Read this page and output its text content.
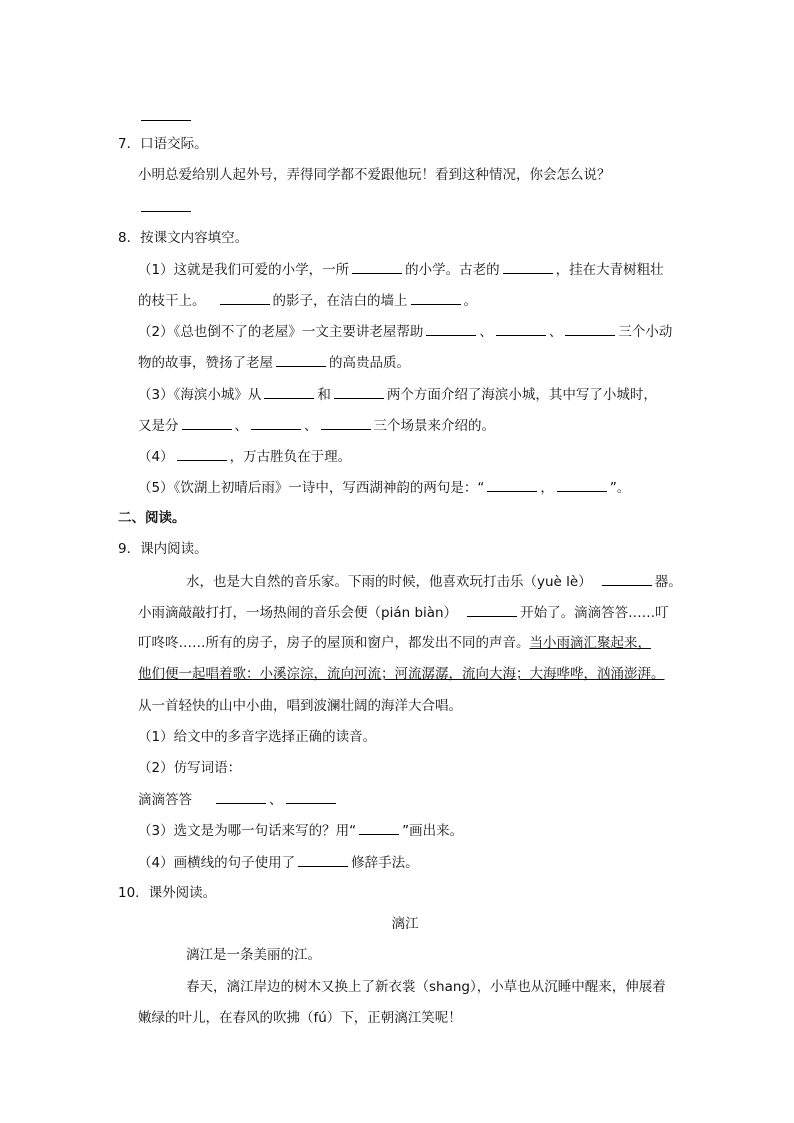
7．口语交际。
小明总爱给别人起外号，弄得同学都不爱跟他玩！看到这种情况，你会怎么说？
8．按课文内容填空。
（1）这就是我们可爱的小学，一所	的小学。古老的	，挂在大青树粗壮
的枝干上。	的影子，在洁白的墙上	。
（2）《总也倒不了的老屋》一文主要讲老屋帮助	、	、	三个小动
物的故事，赞扬了老屋	的高贵品质。
（3）《海滨小城》从	和	两个方面介绍了海滨小城，其中写了小城时，
又是分	、	、	三个场景来介绍的。
（4）	，万古胜负在于理。
（5）《饮湖上初晴后雨》一诗中，写西湖神韵的两句是：“	，	”。
二、阅读。
9．课内阅读。
水，也是大自然的音乐家。下雨的时候，他喜欢玩打击乐（yuè lè）	器。
小雨滴敲敲打打，一场热闹的音乐会便（pián biàn）	开始了。滴滴答答……叮
叮咚咚……所有的房子，房子的屋顶和窗户，都发出不同的声音。当小雨滴汇聚起来，
他们便一起唱着歌：小溪淙淙，流向河流；河流潺潺，流向大海；大海哗哗，汹涌澎湃。
从一首轻快的山中小曲，唱到波澜壮阔的海洋大合唱。
（1）给文中的多音字选择正确的读音。
（2）仿写词语：
滴滴答答	、
（3）选文是为哪一句话来写的？用“	”画出来。
（4）画横线的句子使用了	修辞手法。
10．课外阅读。
漓江
漓江是一条美丽的江。
春天，漓江岸边的树木又换上了新衣裳（shang），小草也从沉睡中醒来，伸展着
嫩绿的叶儿，在春风的吹拂（fú）下，正朝漓江笑呢！
